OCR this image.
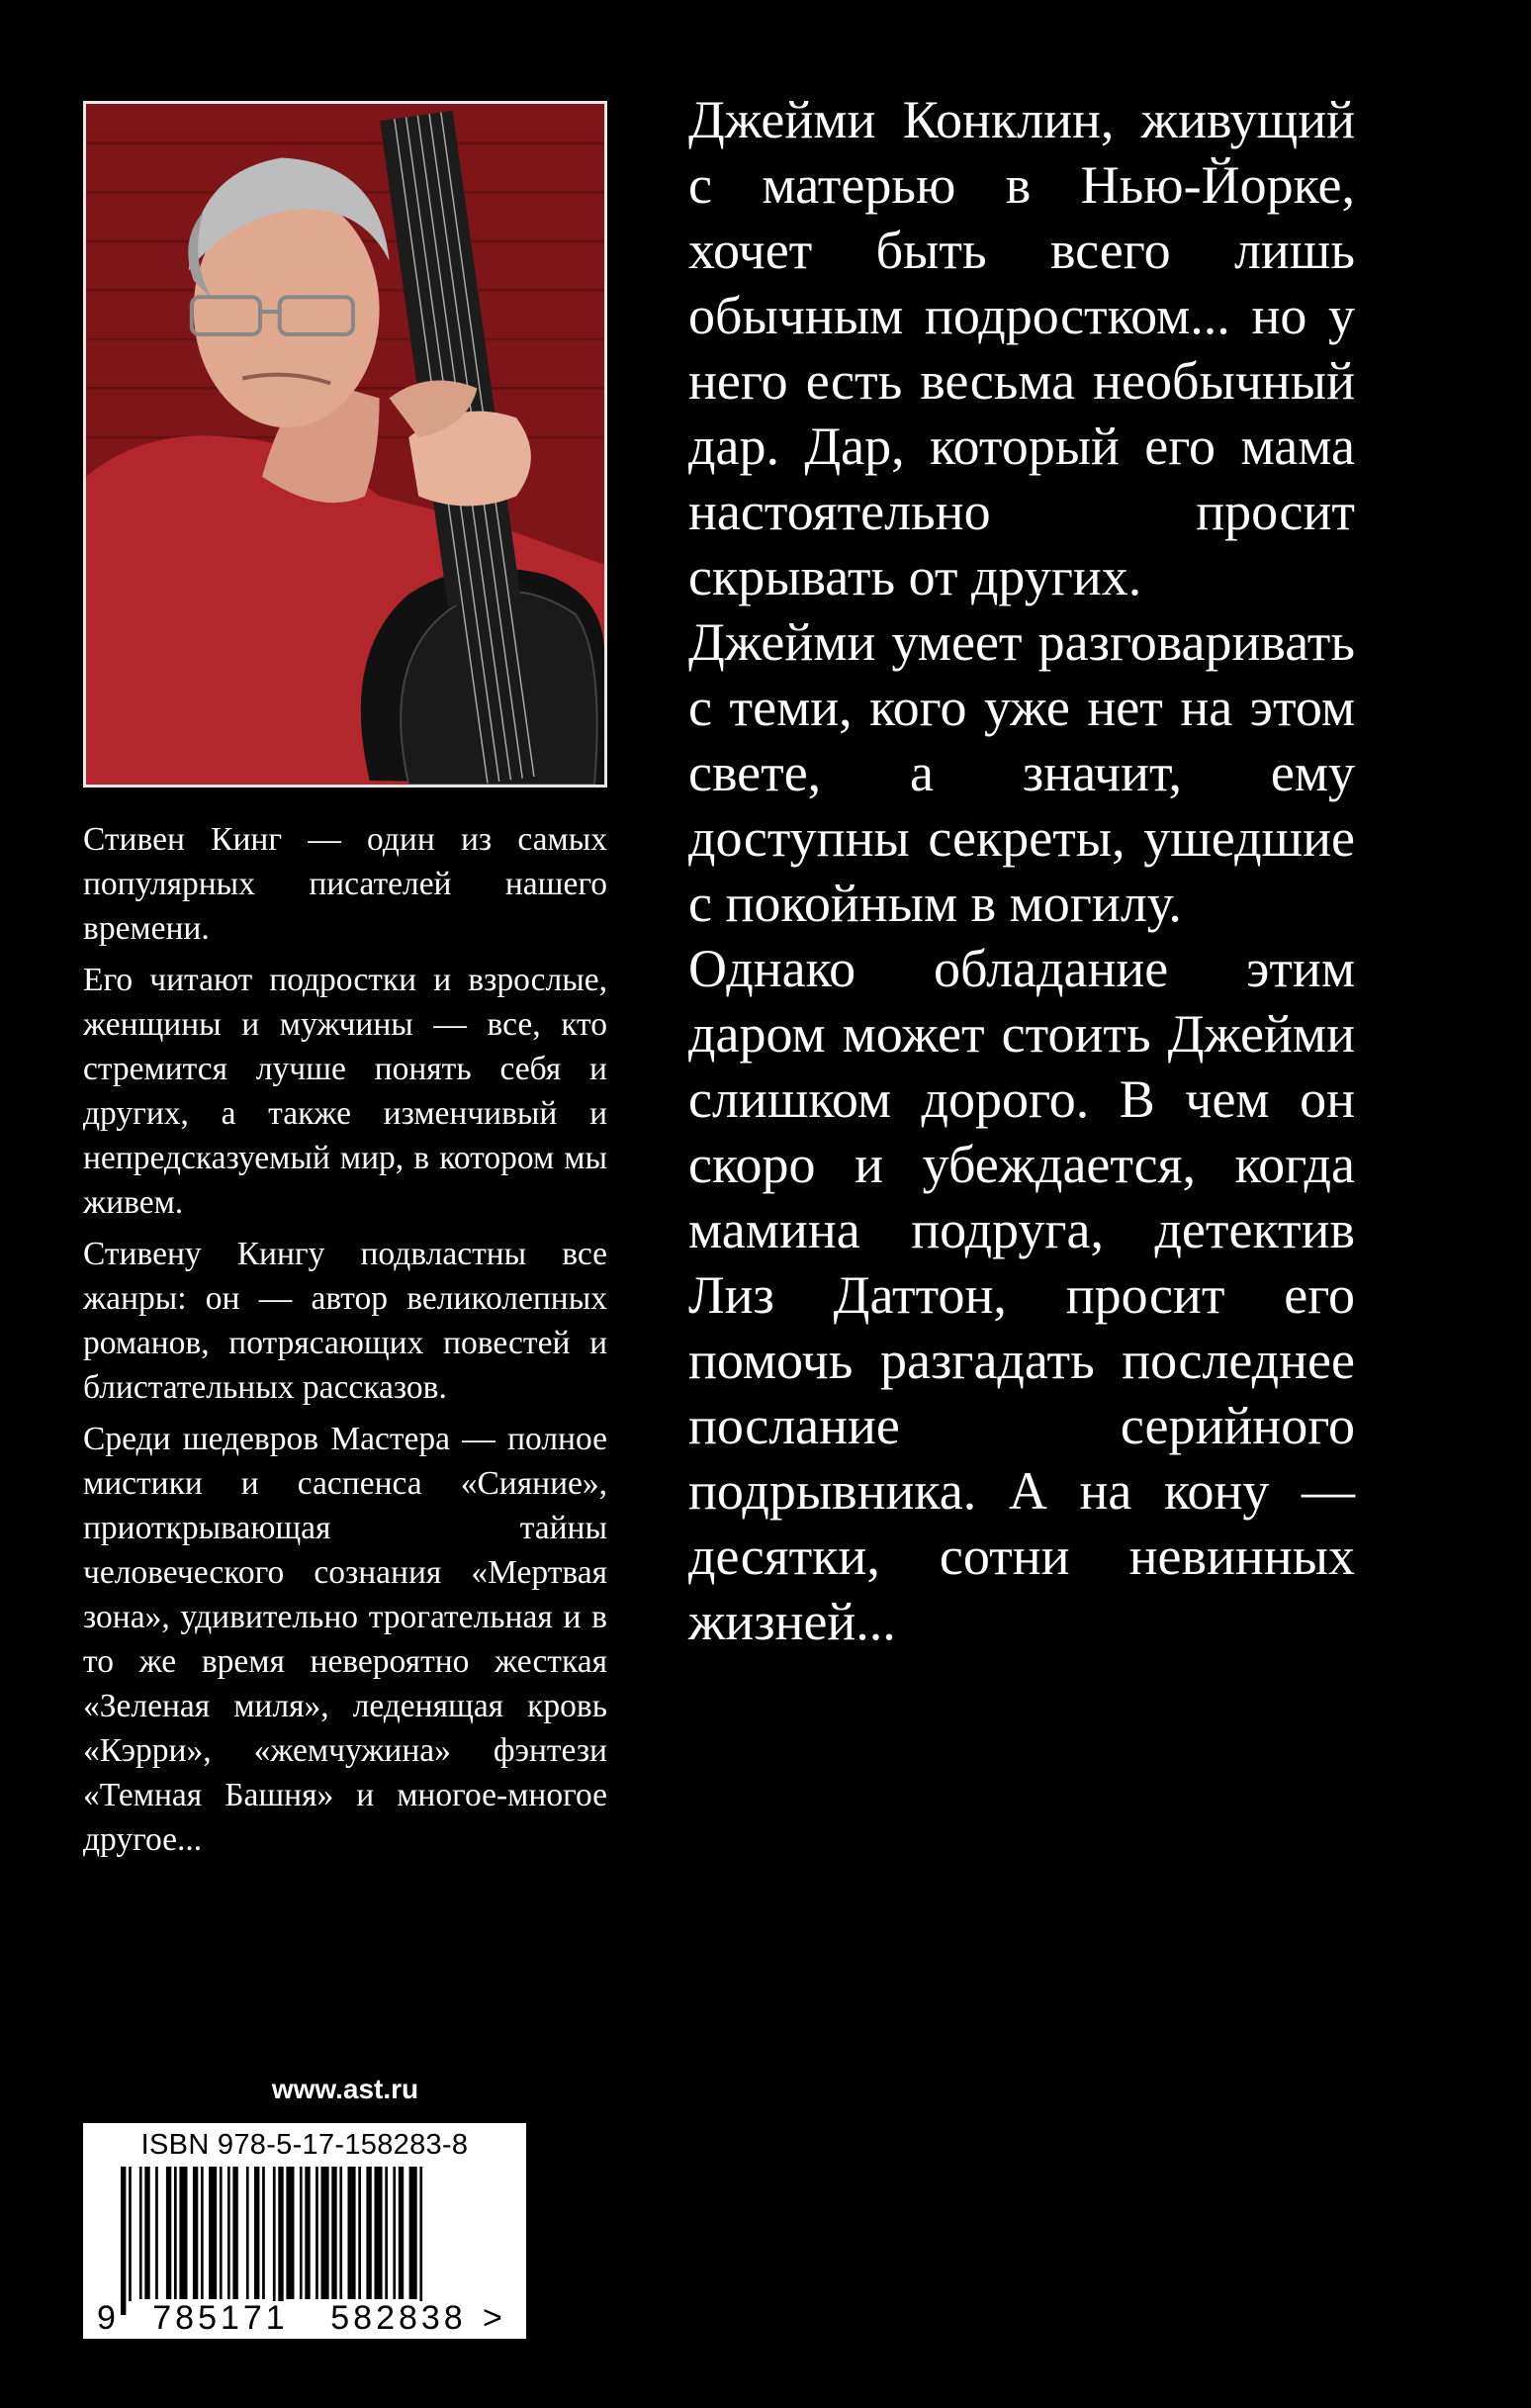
Стивен Кинг — один из самых популярных писателей нашего времени.

Его читают подростки и взрослые, женщины и мужчины — все, кто стремится лучше понять себя и других, а также изменчивый и непредсказуемый мир, в котором мы живем.

Стивену Кингу подвластны все жанры: он — автор великолепных романов, потрясающих повестей и блистательных рассказов.

Среди шедевров Мастера — полное мистики и саспенса «Сияние», приоткрывающая тайны человеческого сознания «Мертвая зона», удивительно трогательная и в то же время невероятно жесткая «Зеленая миля», леденящая кровь «Кэрри», «жемчужина» фэнтези «Темная Башня» и многое-многое другое...

Джейми Конклин, живущий с матерью в Нью-Йорке, хочет быть всего лишь обычным подростком... но у него есть весьма необычный дар. Дар, который его мама настоятельно просит скрывать от других.

Джейми умеет разговаривать с теми, кого уже нет на этом свете, а значит, ему доступны секреты, ушедшие с покойным в могилу.

Однако обладание этим даром может стоить Джейми слишком дорого. В чем он скоро и убеждается, когда мамина подруга, детектив Лиз Даттон, просит его помочь разгадать последнее послание серийного подрывника. А на кону — десятки, сотни невинных жизней...

www.ast.ru
ISBN 978-5-17-158283-8
9 785171 582838 >
